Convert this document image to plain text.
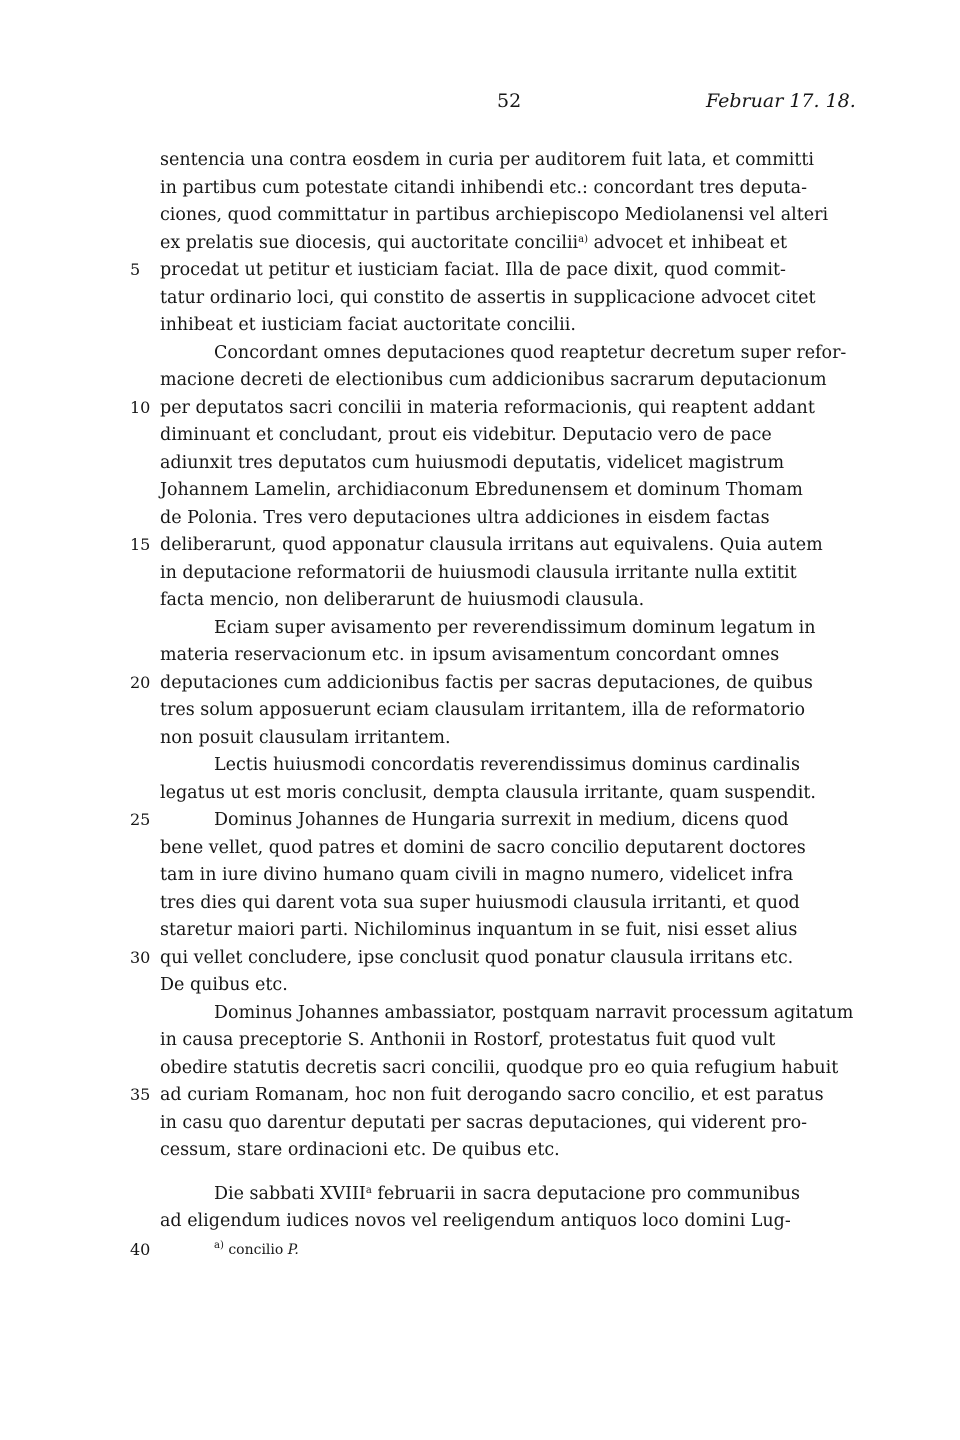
52	Februar 17. 18.
sentencia una contra eosdem in curia per auditorem fuit lata, et committi
in partibus cum potestate citandi inhibendi etc.: concordant tres deputa-
ciones, quod committatur in partibus archiepiscopo Mediolanensi vel alteri
ex prelatis sue diocesis, qui auctoritate concilii$^{a)}$ advocet et inhibeat et
procedat ut petitur et iusticiam faciat. Illa de pace dixit, quod commit-
tatur ordinario loci, qui constito de assertis in supplicacione advocet citet
inhibeat et iusticiam faciat auctoritate concilii.
Concordant omnes deputaciones quod reaptetur decretum super refor-
macione decreti de electionibus cum addicionibus sacrarum deputacionum
per deputatos sacri concilii in materia reformacionis, qui reaptent addant
diminuant et concludant, prout eis videbitur. Deputacio vero de pace
adiunxit tres deputatos cum huiusmodi deputatis, videlicet magistrum
Johannem Lamelin, archidiaconum Ebredunensem et dominum Thomam
de Polonia. Tres vero deputaciones ultra addiciones in eisdem factas
deliberarunt, quod apponatur clausula irritans aut equivalens. Quia autem
in deputacione reformatorii de huiusmodi clausula irritante nulla extitit
facta mencio, non deliberarunt de huiusmodi clausula.
Eciam super avisamento per reverendissimum dominum legatum in
materia reservacionum etc. in ipsum avisamentum concordant omnes
deputaciones cum addicionibus factis per sacras deputaciones, de quibus
tres solum apposuerunt eciam clausulam irritantem, illa de reformatorio
non posuit clausulam irritantem.
Lectis huiusmodi concordatis reverendissimus dominus cardinalis
legatus ut est moris conclusit, dempta clausula irritante, quam suspendit.
Dominus Johannes de Hungaria surrexit in medium, dicens quod
bene vellet, quod patres et domini de sacro concilio deputarent doctores
tam in iure divino humano quam civili in magno numero, videlicet infra
tres dies qui darent vota sua super huiusmodi clausula irritanti, et quod
staretur maiori parti. Nichilominus inquantum in se fuit, nisi esset alius
qui vellet concludere, ipse conclusit quod ponatur clausula irritans etc.
De quibus etc.
Dominus Johannes ambassiator, postquam narravit processum agitatum
in causa preceptorie S. Anthonii in Rostorf, protestatus fuit quod vult
obedire statutis decretis sacri concilii, quodque pro eo quia refugium habuit
ad curiam Romanam, hoc non fuit derogando sacro concilio, et est paratus
in casu quo darentur deputati per sacras deputaciones, qui viderent pro-
cessum, stare ordinacioni etc. De quibus etc.
Die sabbati XVIII$^a$ februarii in sacra deputacione pro communibus
ad eligendum iudices novos vel reeligendum antiquos loco domini Lug-
5
10
15
20
25
30
35
40	$^{a)}$ concilio P.
